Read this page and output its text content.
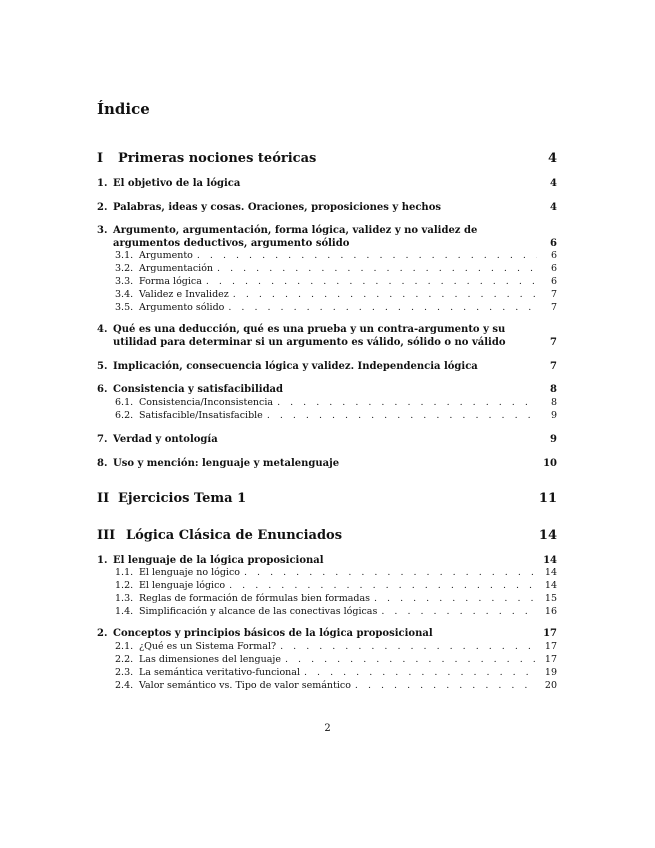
Índice
I	Primeras nociones teóricas	4
1. El objetivo de la lógica	4
2. Palabras, ideas y cosas. Oraciones, proposiciones y hechos	4
3. Argumento, argumentación, forma lógica, validez y no validez de argumentos deductivos, argumento sólido	6
3.1. Argumento . . .	6
3.2. Argumentación . . .	6
3.3. Forma lógica . . .	6
3.4. Validez e Invalidez . . .	7
3.5. Argumento sólido . . .	7
4. Qué es una deducción, qué es una prueba y un contra-argumento y su utilidad para determinar si un argumento es válido, sólido o no válido	7
5. Implicación, consecuencia lógica y validez. Independencia lógica	7
6. Consistencia y satisfacibilidad	8
6.1. Consistencia/Inconsistencia . . .	8
6.2. Satisfacible/Insatisfacible . . .	9
7. Verdad y ontología	9
8. Uso y mención: lenguaje y metalenguaje	10
II Ejercicios Tema 1	11
III Lógica Clásica de Enunciados	14
1. El lenguaje de la lógica proposicional	14
1.1. El lenguaje no lógico . . .	14
1.2. El lenguaje lógico . . .	14
1.3. Reglas de formación de fórmulas bien formadas . . .	15
1.4. Simplificación y alcance de las conectivas lógicas . . .	16
2. Conceptos y principios básicos de la lógica proposicional	17
2.1. ¿Qué es un Sistema Formal? . . .	17
2.2. Las dimensiones del lenguaje . . .	17
2.3. La semántica veritativo-funcional . . .	19
2.4. Valor semántico vs. Tipo de valor semántico . . .	20
2
